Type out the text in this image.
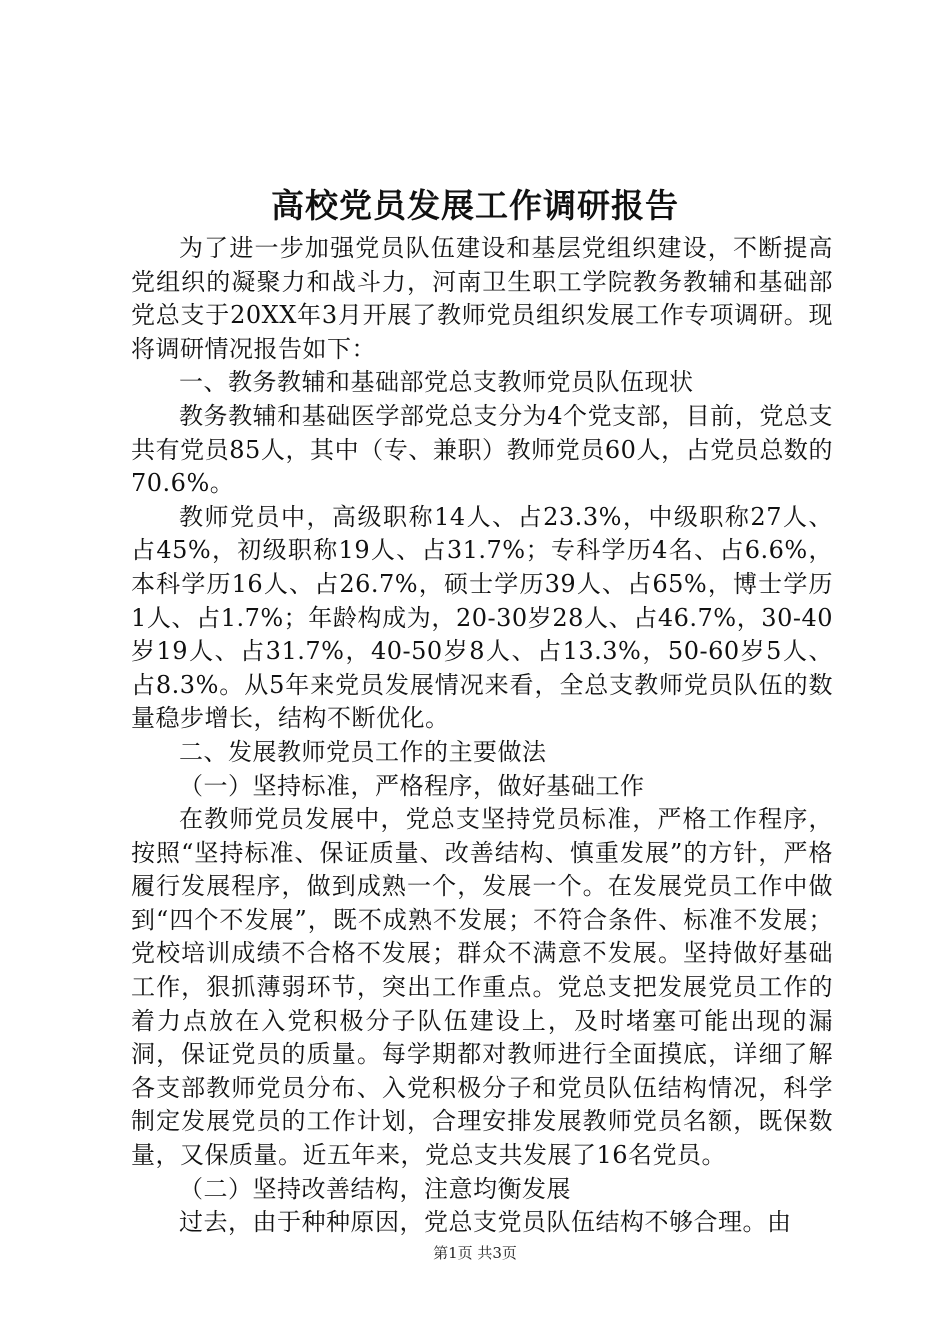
高校党员发展工作调研报告

为了进一步加强党员队伍建设和基层党组织建设，不断提高党组织的凝聚力和战斗力，河南卫生职工学院教务教辅和基础部党总支于20XX年3月开展了教师党员组织发展工作专项调研。现将调研情况报告如下：

一、教务教辅和基础部党总支教师党员队伍现状

教务教辅和基础医学部党总支分为4个党支部，目前，党总支共有党员85人，其中（专、兼职）教师党员60人，占党员总数的70.6%。

教师党员中，高级职称14人、占23.3%，中级职称27人、占45%，初级职称19人、占31.7%；专科学历4名、占6.6%，本科学历16人、占26.7%，硕士学历39人、占65%，博士学历1人、占1.7%；年龄构成为，20-30岁28人、占46.7%，30-40岁19人、占31.7%，40-50岁8人、占13.3%，50-60岁5人、占8.3%。从5年来党员发展情况来看，全总支教师党员队伍的数量稳步增长，结构不断优化。

二、发展教师党员工作的主要做法

（一）坚持标准，严格程序，做好基础工作

在教师党员发展中，党总支坚持党员标准，严格工作程序，按照“坚持标准、保证质量、改善结构、慎重发展”的方针，严格履行发展程序，做到成熟一个，发展一个。在发展党员工作中做到“四个不发展”，既不成熟不发展；不符合条件、标准不发展；党校培训成绩不合格不发展；群众不满意不发展。坚持做好基础工作，狠抓薄弱环节，突出工作重点。党总支把发展党员工作的着力点放在入党积极分子队伍建设上，及时堵塞可能出现的漏洞，保证党员的质量。每学期都对教师进行全面摸底，详细了解各支部教师党员分布、入党积极分子和党员队伍结构情况，科学制定发展党员的工作计划，合理安排发展教师党员名额，既保数量，又保质量。近五年来，党总支共发展了16名党员。

（二）坚持改善结构，注意均衡发展

过去，由于种种原因，党总支党员队伍结构不够合理。由

第1页 共3页
